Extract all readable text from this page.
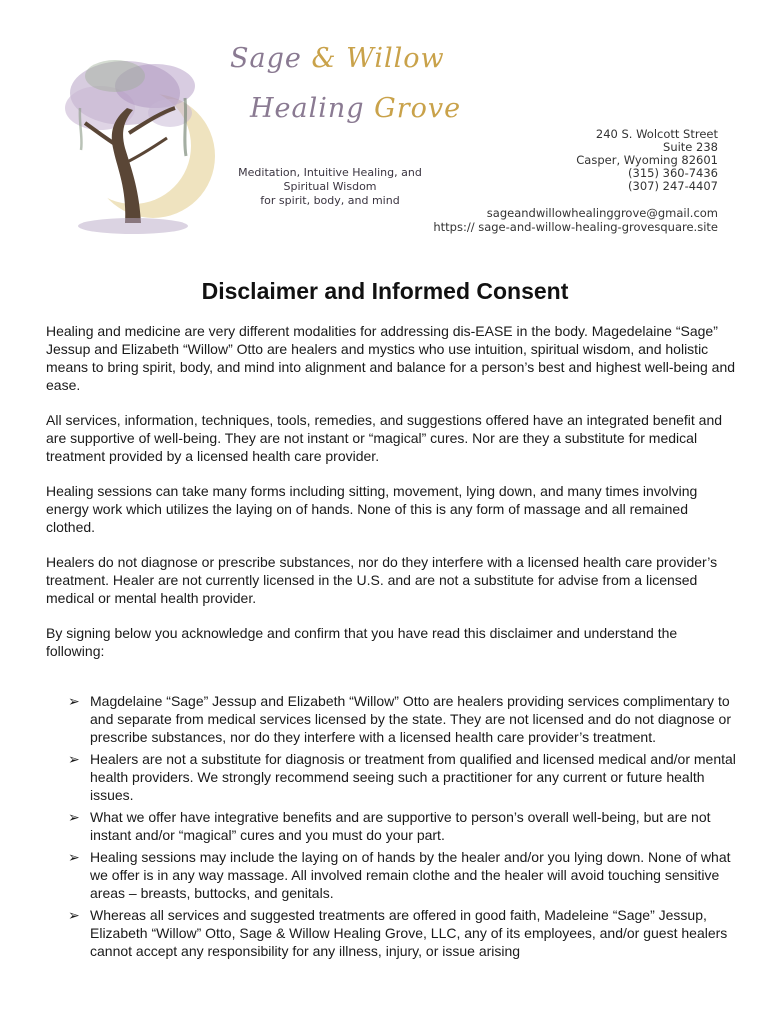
Sage & Willow
Healing Grove
Meditation, Intuitive Healing, and Spiritual Wisdom
for spirit, body, and mind
240 S. Wolcott Street
Suite 238
Casper, Wyoming 82601
(315) 360-7436
(307) 247-4407
sageandwillowhealinggrove@gmail.com
https:// sage-and-willow-healing-grovesquare.site
Disclaimer and Informed Consent

Healing and medicine are very different modalities for addressing dis-EASE in the body. Magedelaine “Sage” Jessup and Elizabeth “Willow” Otto are healers and mystics who use intuition, spiritual wisdom, and holistic means to bring spirit, body, and mind into alignment and balance for a person’s best and highest well-being and ease.

All services, information, techniques, tools, remedies, and suggestions offered have an integrated benefit and are supportive of well-being. They are not instant or “magical” cures. Nor are they a substitute for medical treatment provided by a licensed health care provider.

Healing sessions can take many forms including sitting, movement, lying down, and many times involving energy work which utilizes the laying on of hands. None of this is any form of massage and all remained clothed.

Healers do not diagnose or prescribe substances, nor do they interfere with a licensed health care provider’s treatment. Healer are not currently licensed in the U.S. and are not a substitute for advise from a licensed medical or mental health provider.

By signing below you acknowledge and confirm that you have read this disclaimer and understand the following:

➢ Magdelaine “Sage” Jessup and Elizabeth “Willow” Otto are healers providing services complimentary to and separate from medical services licensed by the state. They are not licensed and do not diagnose or prescribe substances, nor do they interfere with a licensed health care provider’s treatment.
➢ Healers are not a substitute for diagnosis or treatment from qualified and licensed medical and/or mental health providers. We strongly recommend seeing such a practitioner for any current or future health issues.
➢ What we offer have integrative benefits and are supportive to person’s overall well-being, but are not instant and/or “magical” cures and you must do your part.
➢ Healing sessions may include the laying on of hands by the healer and/or you lying down. None of what we offer is in any way massage. All involved remain clothe and the healer will avoid touching sensitive areas – breasts, buttocks, and genitals.
➢ Whereas all services and suggested treatments are offered in good faith, Madeleine “Sage” Jessup, Elizabeth “Willow” Otto, Sage & Willow Healing Grove, LLC, any of its employees, and/or guest healers cannot accept any responsibility for any illness, injury, or issue arising
